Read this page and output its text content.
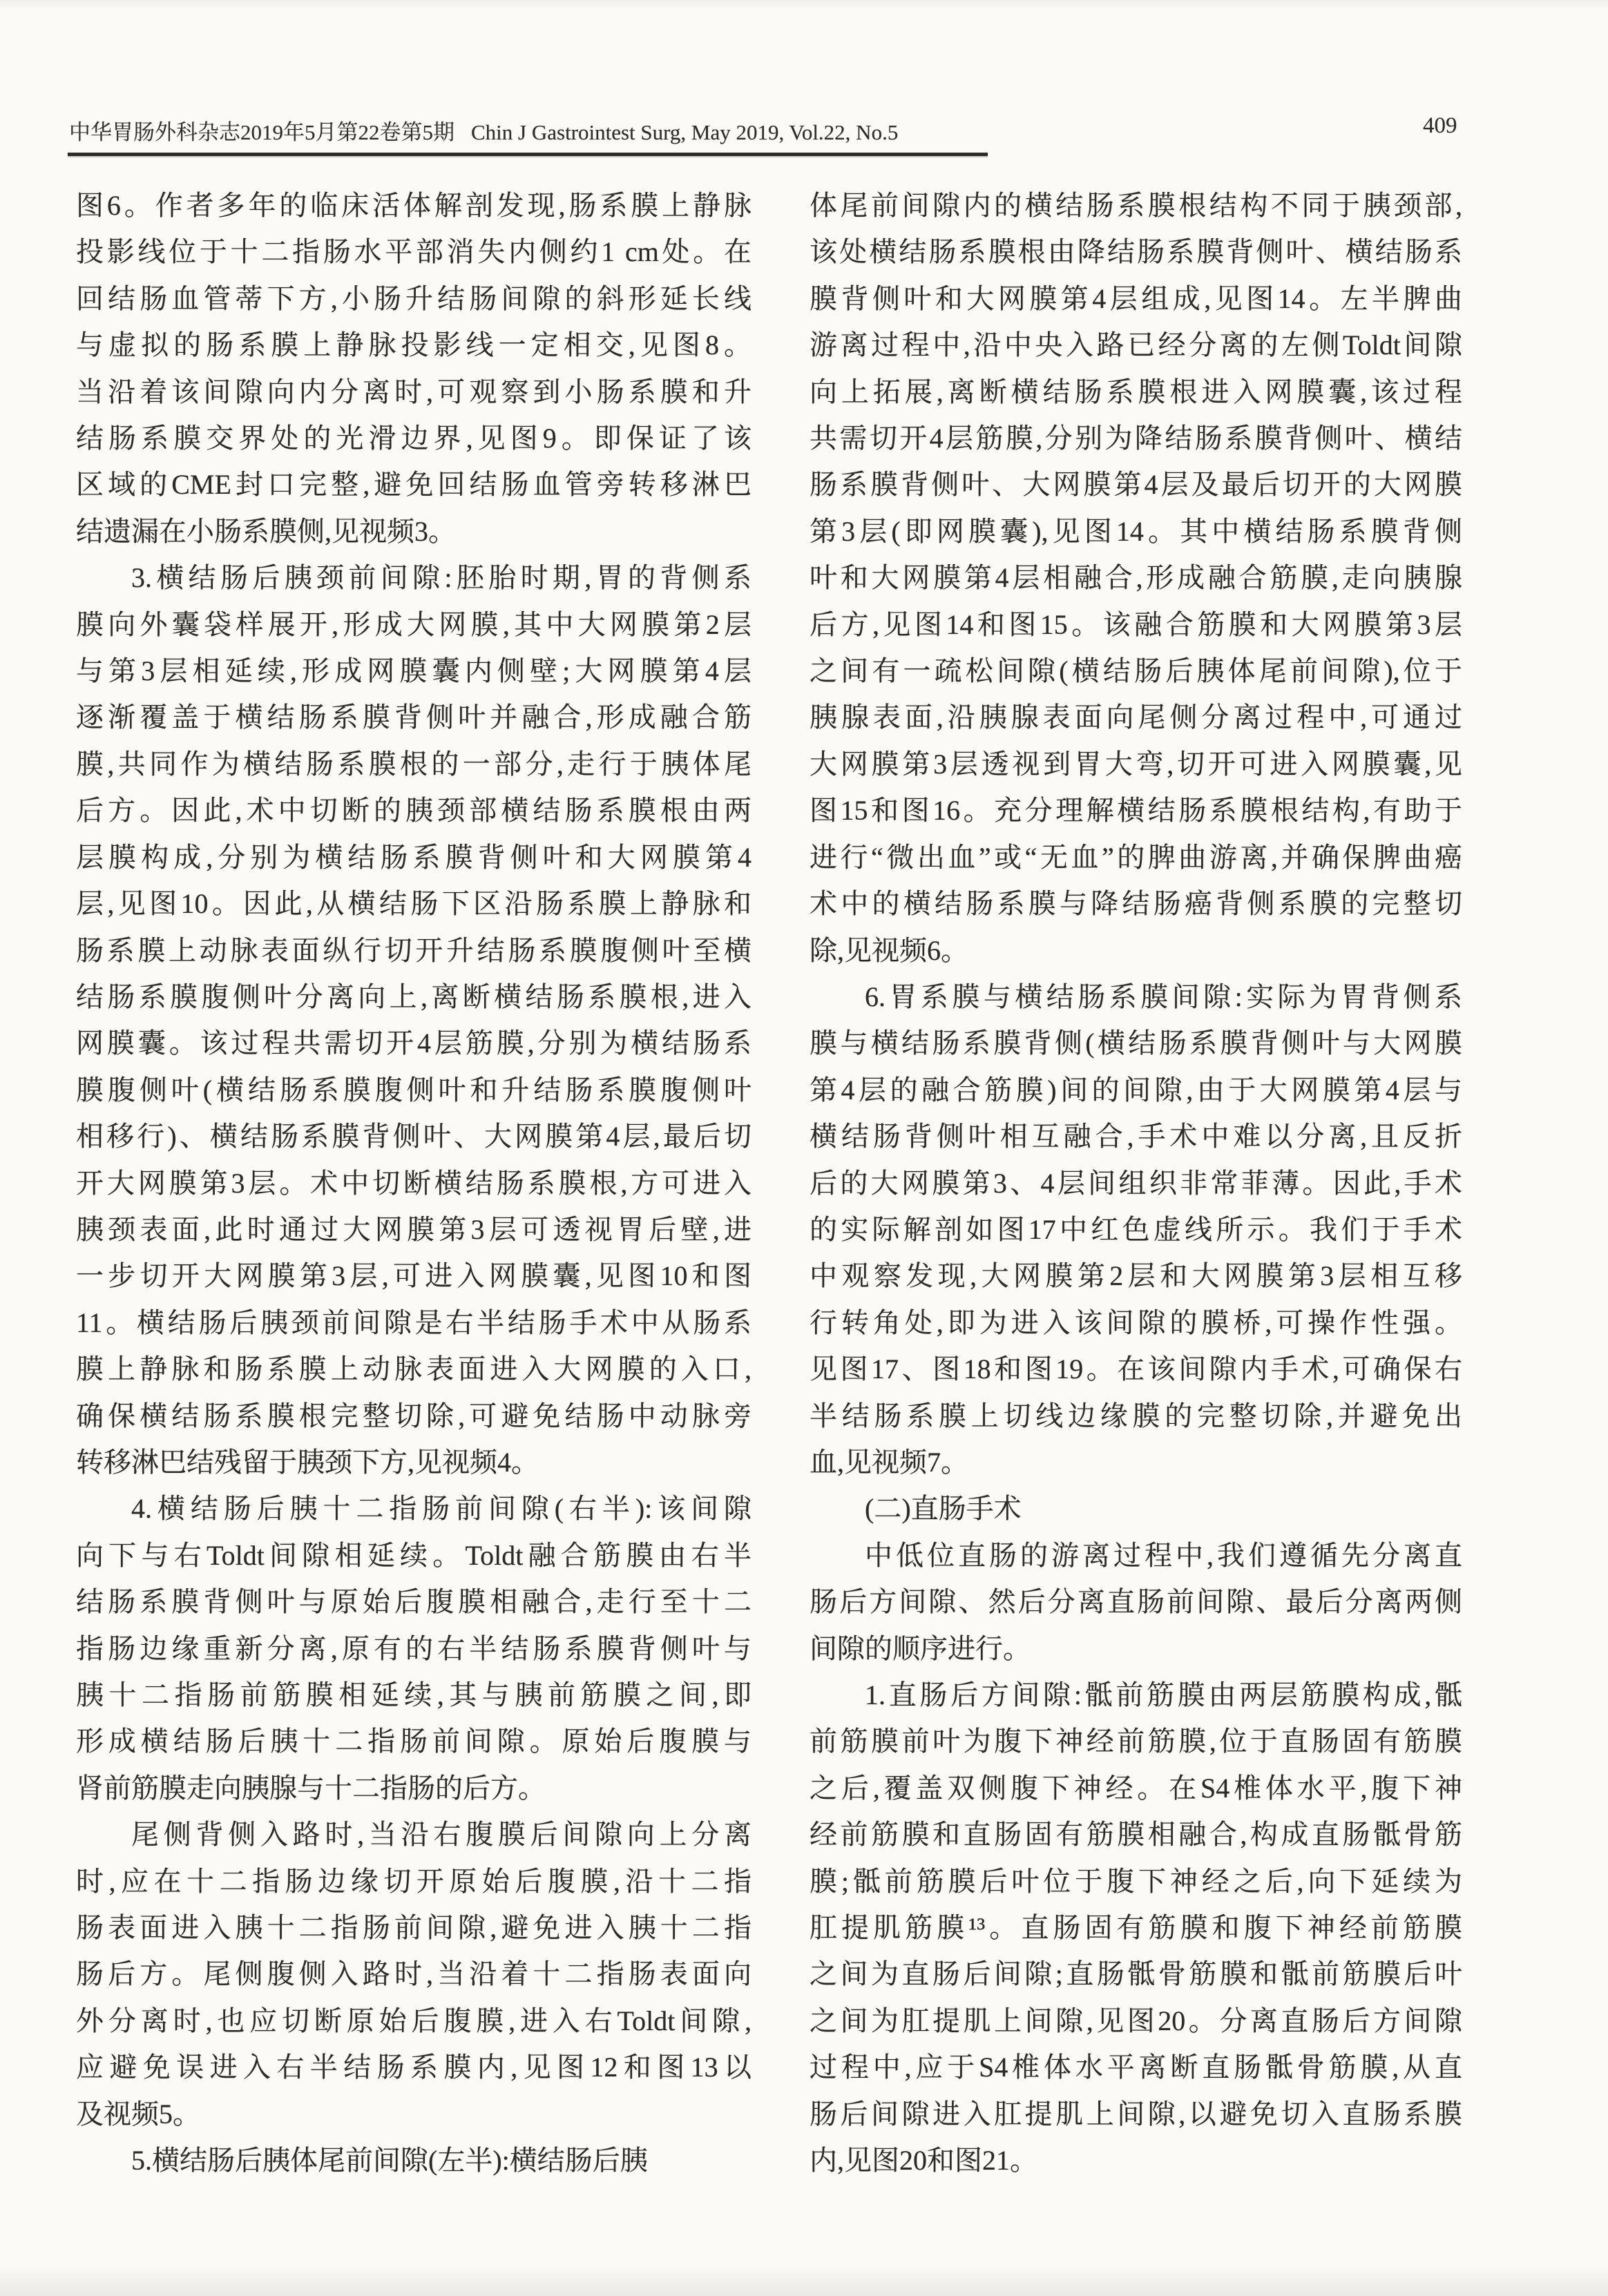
中华胃肠外科杂志2019年5月第22卷第5期 Chin J Gastrointest Surg, May 2019, Vol.22, No.5	409
图6。作者多年的临床活体解剖发现,肠系膜上静脉
投影线位于十二指肠水平部消失内侧约1 cm处。在
回结肠血管蒂下方,小肠升结肠间隙的斜形延长线
与虚拟的肠系膜上静脉投影线一定相交,见图8。
当沿着该间隙向内分离时,可观察到小肠系膜和升
结肠系膜交界处的光滑边界,见图9。即保证了该
区域的CME封口完整,避免回结肠血管旁转移淋巴
结遗漏在小肠系膜侧,见视频3。
3.横结肠后胰颈前间隙:胚胎时期,胃的背侧系
膜向外囊袋样展开,形成大网膜,其中大网膜第2层
与第3层相延续,形成网膜囊内侧壁;大网膜第4层
逐渐覆盖于横结肠系膜背侧叶并融合,形成融合筋
膜,共同作为横结肠系膜根的一部分,走行于胰体尾
后方。因此,术中切断的胰颈部横结肠系膜根由两
层膜构成,分别为横结肠系膜背侧叶和大网膜第4
层,见图10。因此,从横结肠下区沿肠系膜上静脉和
肠系膜上动脉表面纵行切开升结肠系膜腹侧叶至横
结肠系膜腹侧叶分离向上,离断横结肠系膜根,进入
网膜囊。该过程共需切开4层筋膜,分别为横结肠系
膜腹侧叶(横结肠系膜腹侧叶和升结肠系膜腹侧叶
相移行)、横结肠系膜背侧叶、大网膜第4层,最后切
开大网膜第3层。术中切断横结肠系膜根,方可进入
胰颈表面,此时通过大网膜第3层可透视胃后壁,进
一步切开大网膜第3层,可进入网膜囊,见图10和图
11。横结肠后胰颈前间隙是右半结肠手术中从肠系
膜上静脉和肠系膜上动脉表面进入大网膜的入口,
确保横结肠系膜根完整切除,可避免结肠中动脉旁
转移淋巴结残留于胰颈下方,见视频4。
4.横结肠后胰十二指肠前间隙(右半):该间隙
向下与右Toldt间隙相延续。Toldt融合筋膜由右半
结肠系膜背侧叶与原始后腹膜相融合,走行至十二
指肠边缘重新分离,原有的右半结肠系膜背侧叶与
胰十二指肠前筋膜相延续,其与胰前筋膜之间,即
形成横结肠后胰十二指肠前间隙。原始后腹膜与
肾前筋膜走向胰腺与十二指肠的后方。
尾侧背侧入路时,当沿右腹膜后间隙向上分离
时,应在十二指肠边缘切开原始后腹膜,沿十二指
肠表面进入胰十二指肠前间隙,避免进入胰十二指
肠后方。尾侧腹侧入路时,当沿着十二指肠表面向
外分离时,也应切断原始后腹膜,进入右Toldt间隙,
应避免误进入右半结肠系膜内,见图12和图13以
及视频5。
5.横结肠后胰体尾前间隙(左半):横结肠后胰
体尾前间隙内的横结肠系膜根结构不同于胰颈部,
该处横结肠系膜根由降结肠系膜背侧叶、横结肠系
膜背侧叶和大网膜第4层组成,见图14。左半脾曲
游离过程中,沿中央入路已经分离的左侧Toldt间隙
向上拓展,离断横结肠系膜根进入网膜囊,该过程
共需切开4层筋膜,分别为降结肠系膜背侧叶、横结
肠系膜背侧叶、大网膜第4层及最后切开的大网膜
第3层(即网膜囊),见图14。其中横结肠系膜背侧
叶和大网膜第4层相融合,形成融合筋膜,走向胰腺
后方,见图14和图15。该融合筋膜和大网膜第3层
之间有一疏松间隙(横结肠后胰体尾前间隙),位于
胰腺表面,沿胰腺表面向尾侧分离过程中,可通过
大网膜第3层透视到胃大弯,切开可进入网膜囊,见
图15和图16。充分理解横结肠系膜根结构,有助于
进行“微出血”或“无血”的脾曲游离,并确保脾曲癌
术中的横结肠系膜与降结肠癌背侧系膜的完整切
除,见视频6。
6.胃系膜与横结肠系膜间隙:实际为胃背侧系
膜与横结肠系膜背侧(横结肠系膜背侧叶与大网膜
第4层的融合筋膜)间的间隙,由于大网膜第4层与
横结肠背侧叶相互融合,手术中难以分离,且反折
后的大网膜第3、4层间组织非常菲薄。因此,手术
的实际解剖如图17中红色虚线所示。我们于手术
中观察发现,大网膜第2层和大网膜第3层相互移
行转角处,即为进入该间隙的膜桥,可操作性强。
见图17、图18和图19。在该间隙内手术,可确保右
半结肠系膜上切线边缘膜的完整切除,并避免出
血,见视频7。
(二)直肠手术
中低位直肠的游离过程中,我们遵循先分离直
肠后方间隙、然后分离直肠前间隙、最后分离两侧
间隙的顺序进行。
1.直肠后方间隙:骶前筋膜由两层筋膜构成,骶
前筋膜前叶为腹下神经前筋膜,位于直肠固有筋膜
之后,覆盖双侧腹下神经。在S4椎体水平,腹下神
经前筋膜和直肠固有筋膜相融合,构成直肠骶骨筋
膜;骶前筋膜后叶位于腹下神经之后,向下延续为
肛提肌筋膜¹³。直肠固有筋膜和腹下神经前筋膜
之间为直肠后间隙;直肠骶骨筋膜和骶前筋膜后叶
之间为肛提肌上间隙,见图20。分离直肠后方间隙
过程中,应于S4椎体水平离断直肠骶骨筋膜,从直
肠后间隙进入肛提肌上间隙,以避免切入直肠系膜
内,见图20和图21。
